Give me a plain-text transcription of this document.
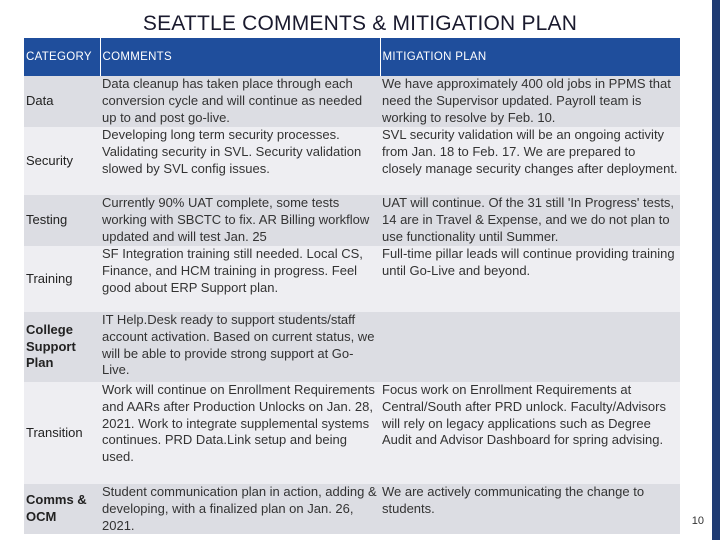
SEATTLE COMMENTS & MITIGATION PLAN
CATEGORY	COMMENTS	MITIGATION PLAN
Data	Data cleanup has taken place through each conversion cycle and will continue as needed up to and post go-live.	We have approximately 400 old jobs in PPMS that need the Supervisor updated. Payroll team is working to resolve by Feb. 10.
Security	Developing long term security processes. Validating security in SVL. Security validation slowed by SVL config issues.	SVL security validation will be an ongoing activity from Jan. 18 to Feb. 17. We are prepared to closely manage security changes after deployment.
Testing	Currently 90% UAT complete, some tests working with SBCTC to fix. AR Billing workflow updated and will test Jan. 25	UAT will continue. Of the 31 still 'In Progress' tests, 14 are in Travel & Expense, and we do not plan to use functionality until Summer.
Training	SF Integration training still needed. Local CS, Finance, and HCM training in progress. Feel good about ERP Support plan.	Full-time pillar leads will continue providing training until Go-Live and beyond.
College Support Plan	IT Help.Desk ready to support students/staff account activation. Based on current status, we will be able to provide strong support at Go-Live.	
Transition	Work will continue on Enrollment Requirements and AARs after Production Unlocks on Jan. 28, 2021. Work to integrate supplemental systems continues. PRD Data.Link setup and being used.	Focus work on Enrollment Requirements at Central/South after PRD unlock. Faculty/Advisors will rely on legacy applications such as Degree Audit and Advisor Dashboard for spring advising.
Comms & OCM	Student communication plan in action, adding & developing, with a finalized plan on Jan. 26, 2021.	We are actively communicating the change to students.
10
